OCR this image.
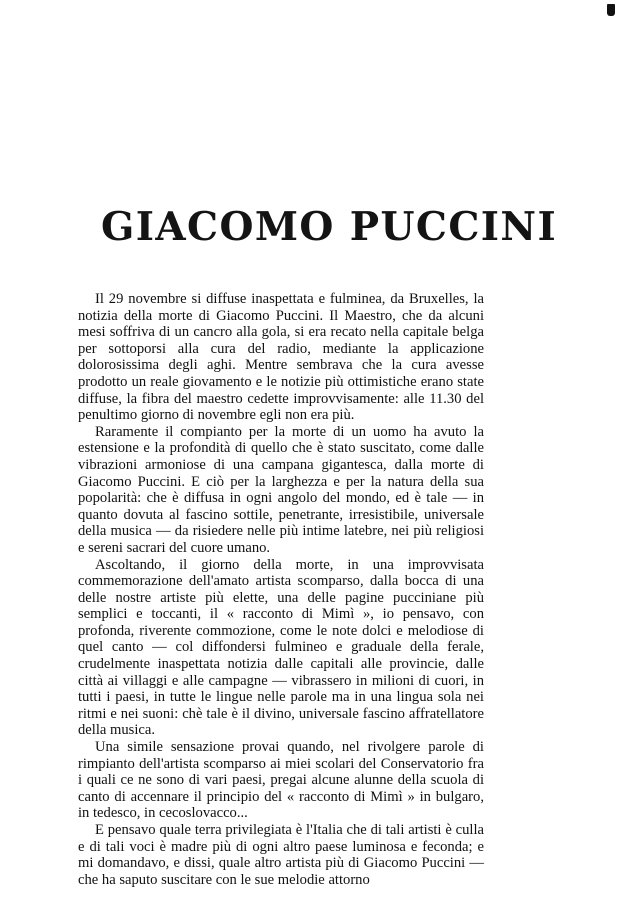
GIACOMO PUCCINI

Il 29 novembre si diffuse inaspettata e fulminea, da Bruxelles, la notizia della morte di Giacomo Puccini. Il Maestro, che da alcuni mesi soffriva di un cancro alla gola, si era recato nella capitale belga per sottoporsi alla cura del radio, mediante la applicazione dolorosissima degli aghi. Mentre sembrava che la cura avesse prodotto un reale giovamento e le notizie più ottimistiche erano state diffuse, la fibra del maestro cedette improvvisamente: alle 11.30 del penultimo giorno di novembre egli non era più.

Raramente il compianto per la morte di un uomo ha avuto la estensione e la profondità di quello che è stato suscitato, come dalle vibrazioni armoniose di una campana gigantesca, dalla morte di Giacomo Puccini. E ciò per la larghezza e per la natura della sua popolarità: che è diffusa in ogni angolo del mondo, ed è tale — in quanto dovuta al fascino sottile, penetrante, irresistibile, universale della musica — da risiedere nelle più intime latebre, nei più religiosi e sereni sacrari del cuore umano.

Ascoltando, il giorno della morte, in una improvvisata commemorazione dell'amato artista scomparso, dalla bocca di una delle nostre artiste più elette, una delle pagine pucciniane più semplici e toccanti, il « racconto di Mimì », io pensavo, con profonda, riverente commozione, come le note dolci e melodiose di quel canto — col diffondersi fulmineo e graduale della ferale, crudelmente inaspettata notizia dalle capitali alle provincie, dalle città ai villaggi e alle campagne — vibrassero in milioni di cuori, in tutti i paesi, in tutte le lingue nelle parole ma in una lingua sola nei ritmi e nei suoni: chè tale è il divino, universale fascino affratellatore della musica.

Una simile sensazione provai quando, nel rivolgere parole di rimpianto dell'artista scomparso ai miei scolari del Conservatorio fra i quali ce ne sono di vari paesi, pregai alcune alunne della scuola di canto di accennare il principio del « racconto di Mimì » in bulgaro, in tedesco, in cecoslovacco...

E pensavo quale terra privilegiata è l'Italia che di tali artisti è culla e di tali voci è madre più di ogni altro paese luminosa e feconda; e mi domandavo, e dissi, quale altro artista più di Giacomo Puccini — che ha saputo suscitare con le sue melodie attorno
